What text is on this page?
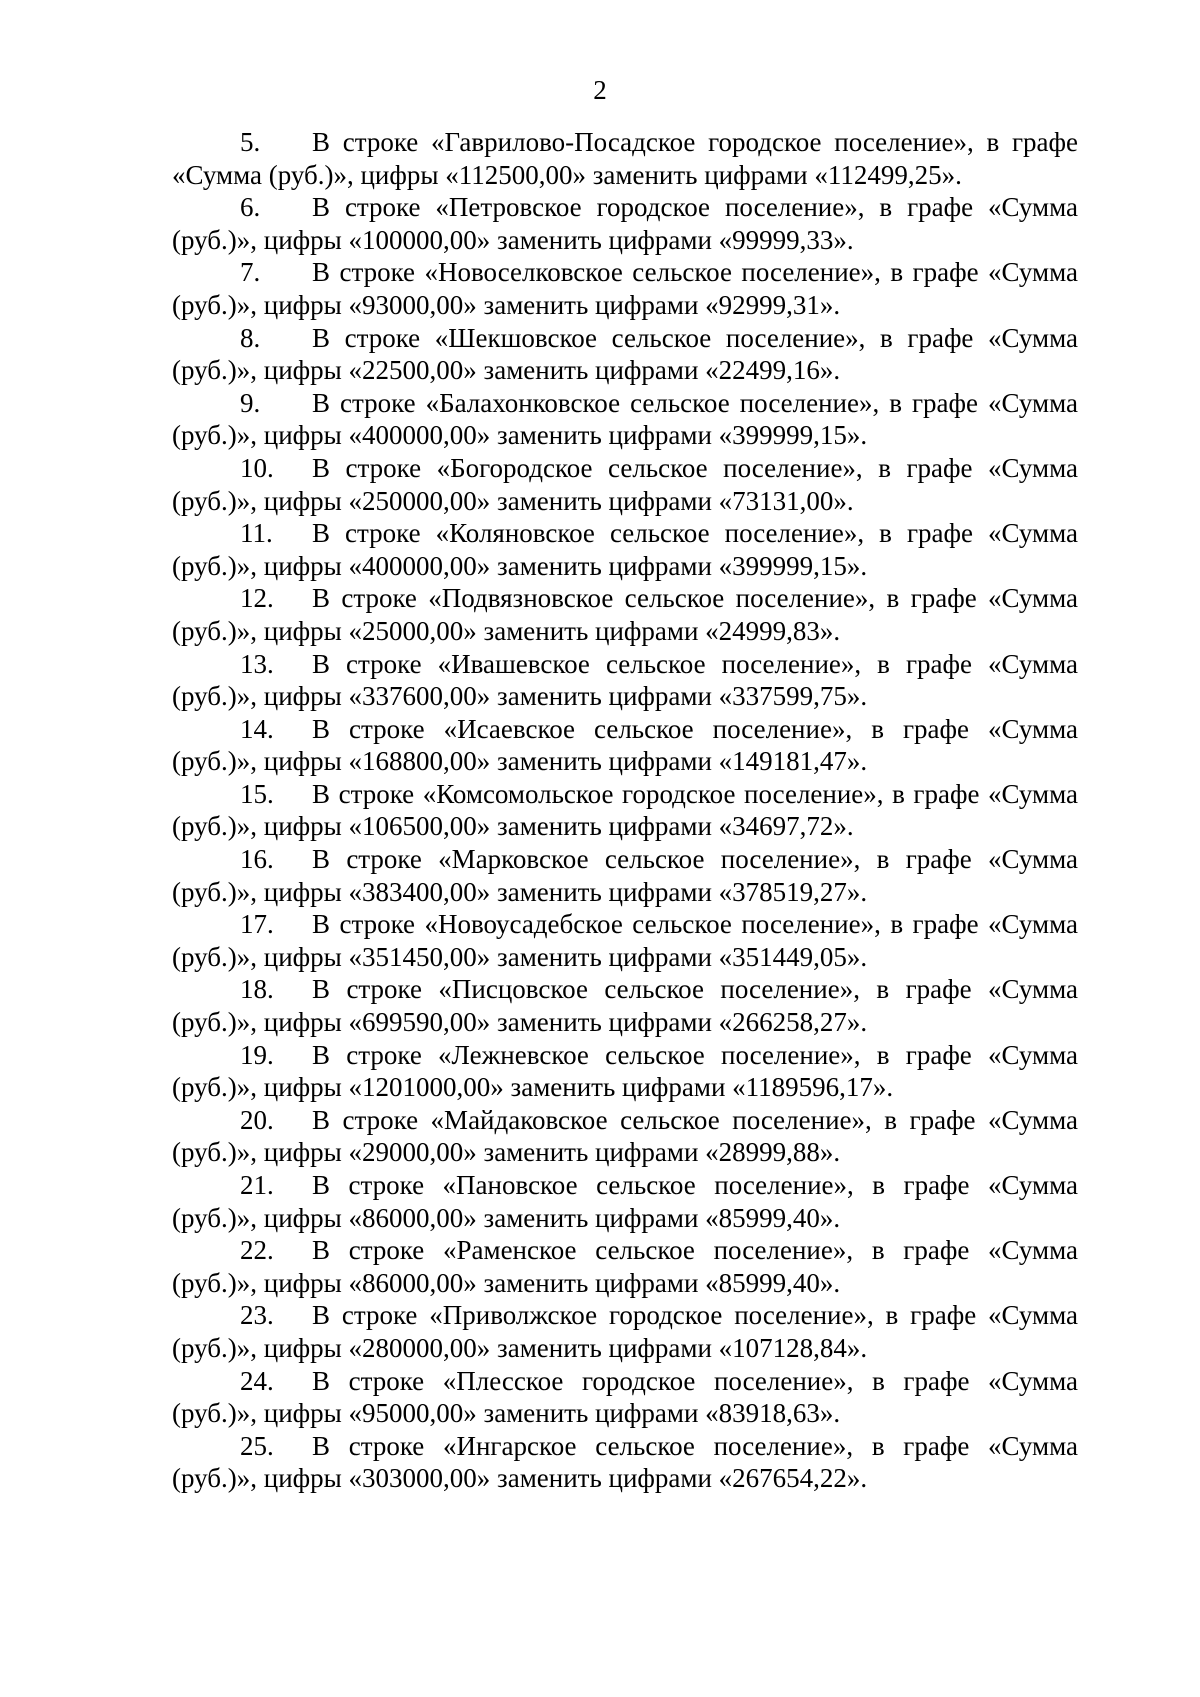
2

5. В строке «Гаврилово-Посадское городское поселение», в графе «Сумма (руб.)», цифры «112500,00» заменить цифрами «112499,25».

6. В строке «Петровское городское поселение», в графе «Сумма (руб.)», цифры «100000,00» заменить цифрами «99999,33».

7. В строке «Новоселковское сельское поселение», в графе «Сумма (руб.)», цифры «93000,00» заменить цифрами «92999,31».

8. В строке «Шекшовское сельское поселение», в графе «Сумма (руб.)», цифры «22500,00» заменить цифрами «22499,16».

9. В строке «Балахонковское сельское поселение», в графе «Сумма (руб.)», цифры «400000,00» заменить цифрами «399999,15».

10. В строке «Богородское сельское поселение», в графе «Сумма (руб.)», цифры «250000,00» заменить цифрами «73131,00».

11. В строке «Коляновское сельское поселение», в графе «Сумма (руб.)», цифры «400000,00» заменить цифрами «399999,15».

12. В строке «Подвязновское сельское поселение», в графе «Сумма (руб.)», цифры «25000,00» заменить цифрами «24999,83».

13. В строке «Ивашевское сельское поселение», в графе «Сумма (руб.)», цифры «337600,00» заменить цифрами «337599,75».

14. В строке «Исаевское сельское поселение», в графе «Сумма (руб.)», цифры «168800,00» заменить цифрами «149181,47».

15. В строке «Комсомольское городское поселение», в графе «Сумма (руб.)», цифры «106500,00» заменить цифрами «34697,72».

16. В строке «Марковское сельское поселение», в графе «Сумма (руб.)», цифры «383400,00» заменить цифрами «378519,27».

17. В строке «Новоусадебское сельское поселение», в графе «Сумма (руб.)», цифры «351450,00» заменить цифрами «351449,05».

18. В строке «Писцовское сельское поселение», в графе «Сумма (руб.)», цифры «699590,00» заменить цифрами «266258,27».

19. В строке «Лежневское сельское поселение», в графе «Сумма (руб.)», цифры «1201000,00» заменить цифрами «1189596,17».

20. В строке «Майдаковское сельское поселение», в графе «Сумма (руб.)», цифры «29000,00» заменить цифрами «28999,88».

21. В строке «Пановское сельское поселение», в графе «Сумма (руб.)», цифры «86000,00» заменить цифрами «85999,40».

22. В строке «Раменское сельское поселение», в графе «Сумма (руб.)», цифры «86000,00» заменить цифрами «85999,40».

23. В строке «Приволжское городское поселение», в графе «Сумма (руб.)», цифры «280000,00» заменить цифрами «107128,84».

24. В строке «Плесское городское поселение», в графе «Сумма (руб.)», цифры «95000,00» заменить цифрами «83918,63».

25. В строке «Ингарское сельское поселение», в графе «Сумма (руб.)», цифры «303000,00» заменить цифрами «267654,22».
